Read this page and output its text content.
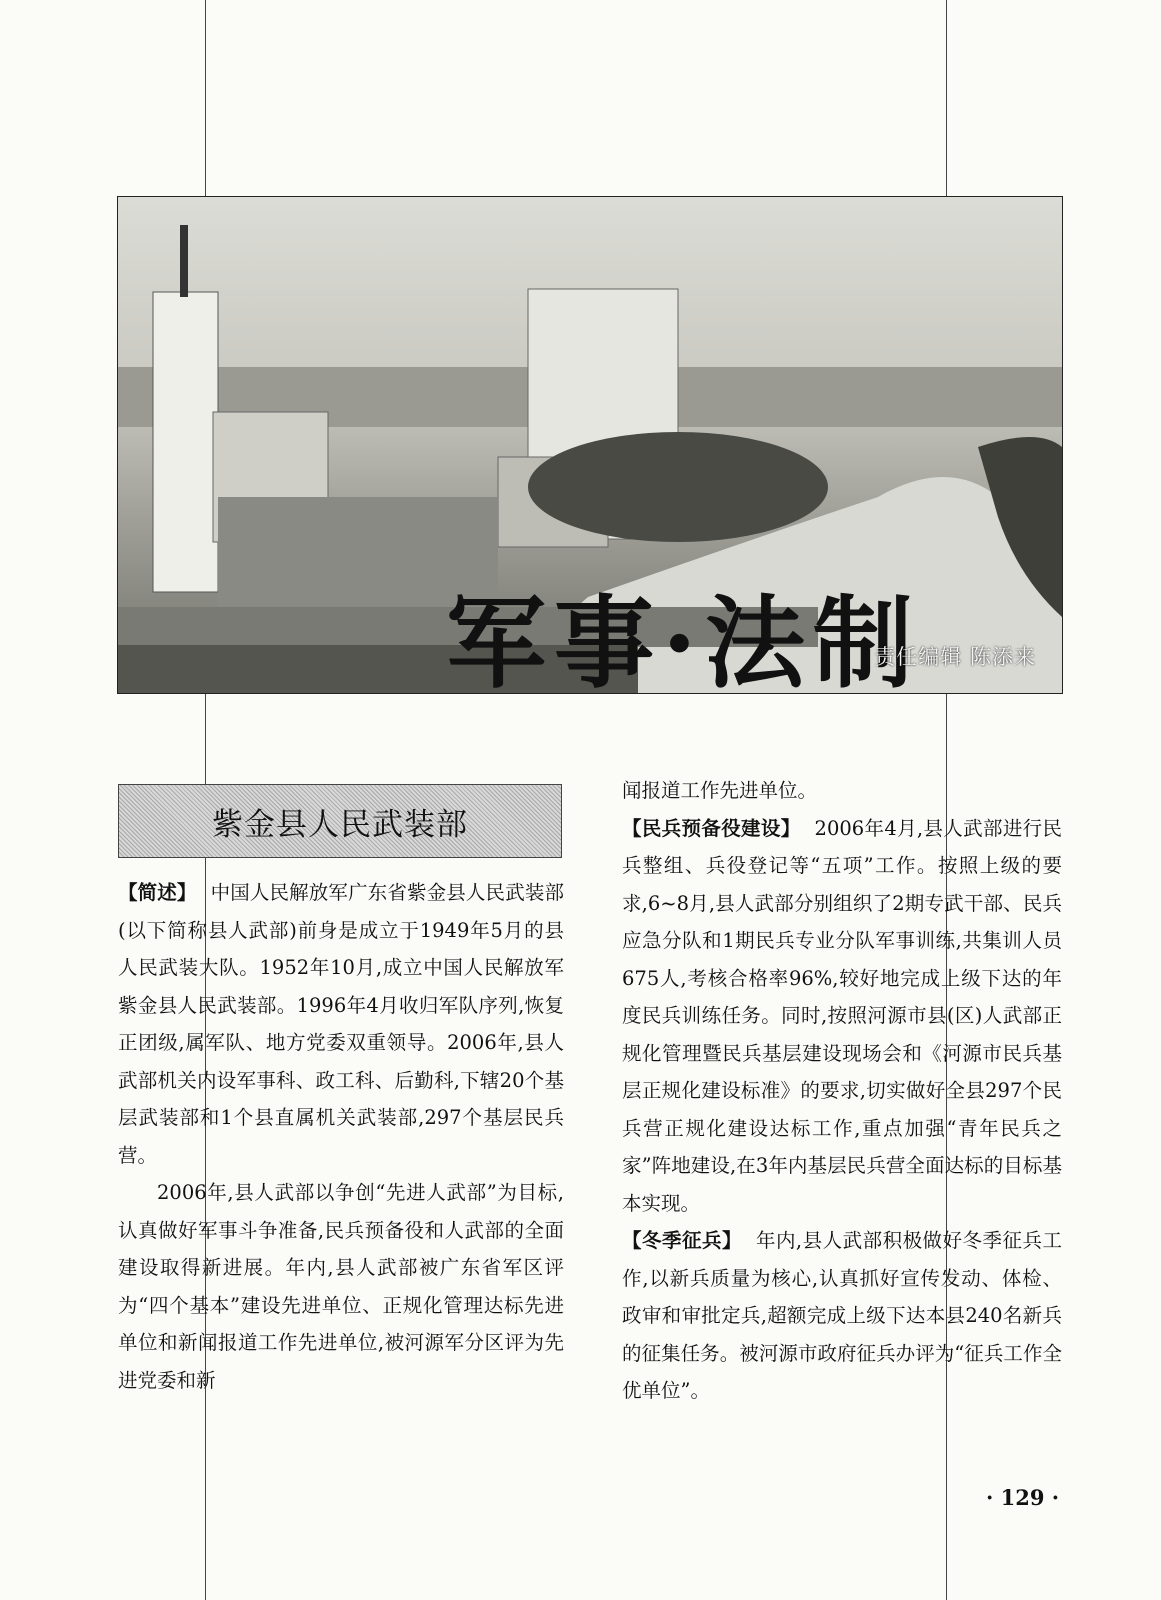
军事·法制
责任编辑 陈添来
紫金县人民武装部

【简述】 中国人民解放军广东省紫金县人民武装部(以下简称县人武部)前身是成立于1949年5月的县人民武装大队。1952年10月,成立中国人民解放军紫金县人民武装部。1996年4月收归军队序列,恢复正团级,属军队、地方党委双重领导。2006年,县人武部机关内设军事科、政工科、后勤科,下辖20个基层武装部和1个县直属机关武装部,297个基层民兵营。

2006年,县人武部以争创“先进人武部”为目标,认真做好军事斗争准备,民兵预备役和人武部的全面建设取得新进展。年内,县人武部被广东省军区评为“四个基本”建设先进单位、正规化管理达标先进单位和新闻报道工作先进单位,被河源军分区评为先进党委和新

闻报道工作先进单位。

【民兵预备役建设】 2006年4月,县人武部进行民兵整组、兵役登记等“五项”工作。按照上级的要求,6~8月,县人武部分别组织了2期专武干部、民兵应急分队和1期民兵专业分队军事训练,共集训人员675人,考核合格率96%,较好地完成上级下达的年度民兵训练任务。同时,按照河源市县(区)人武部正规化管理暨民兵基层建设现场会和《河源市民兵基层正规化建设标准》的要求,切实做好全县297个民兵营正规化建设达标工作,重点加强“青年民兵之家”阵地建设,在3年内基层民兵营全面达标的目标基本实现。

【冬季征兵】 年内,县人武部积极做好冬季征兵工作,以新兵质量为核心,认真抓好宣传发动、体检、政审和审批定兵,超额完成上级下达本县240名新兵的征集任务。被河源市政府征兵办评为“征兵工作全优单位”。

· 129 ·
